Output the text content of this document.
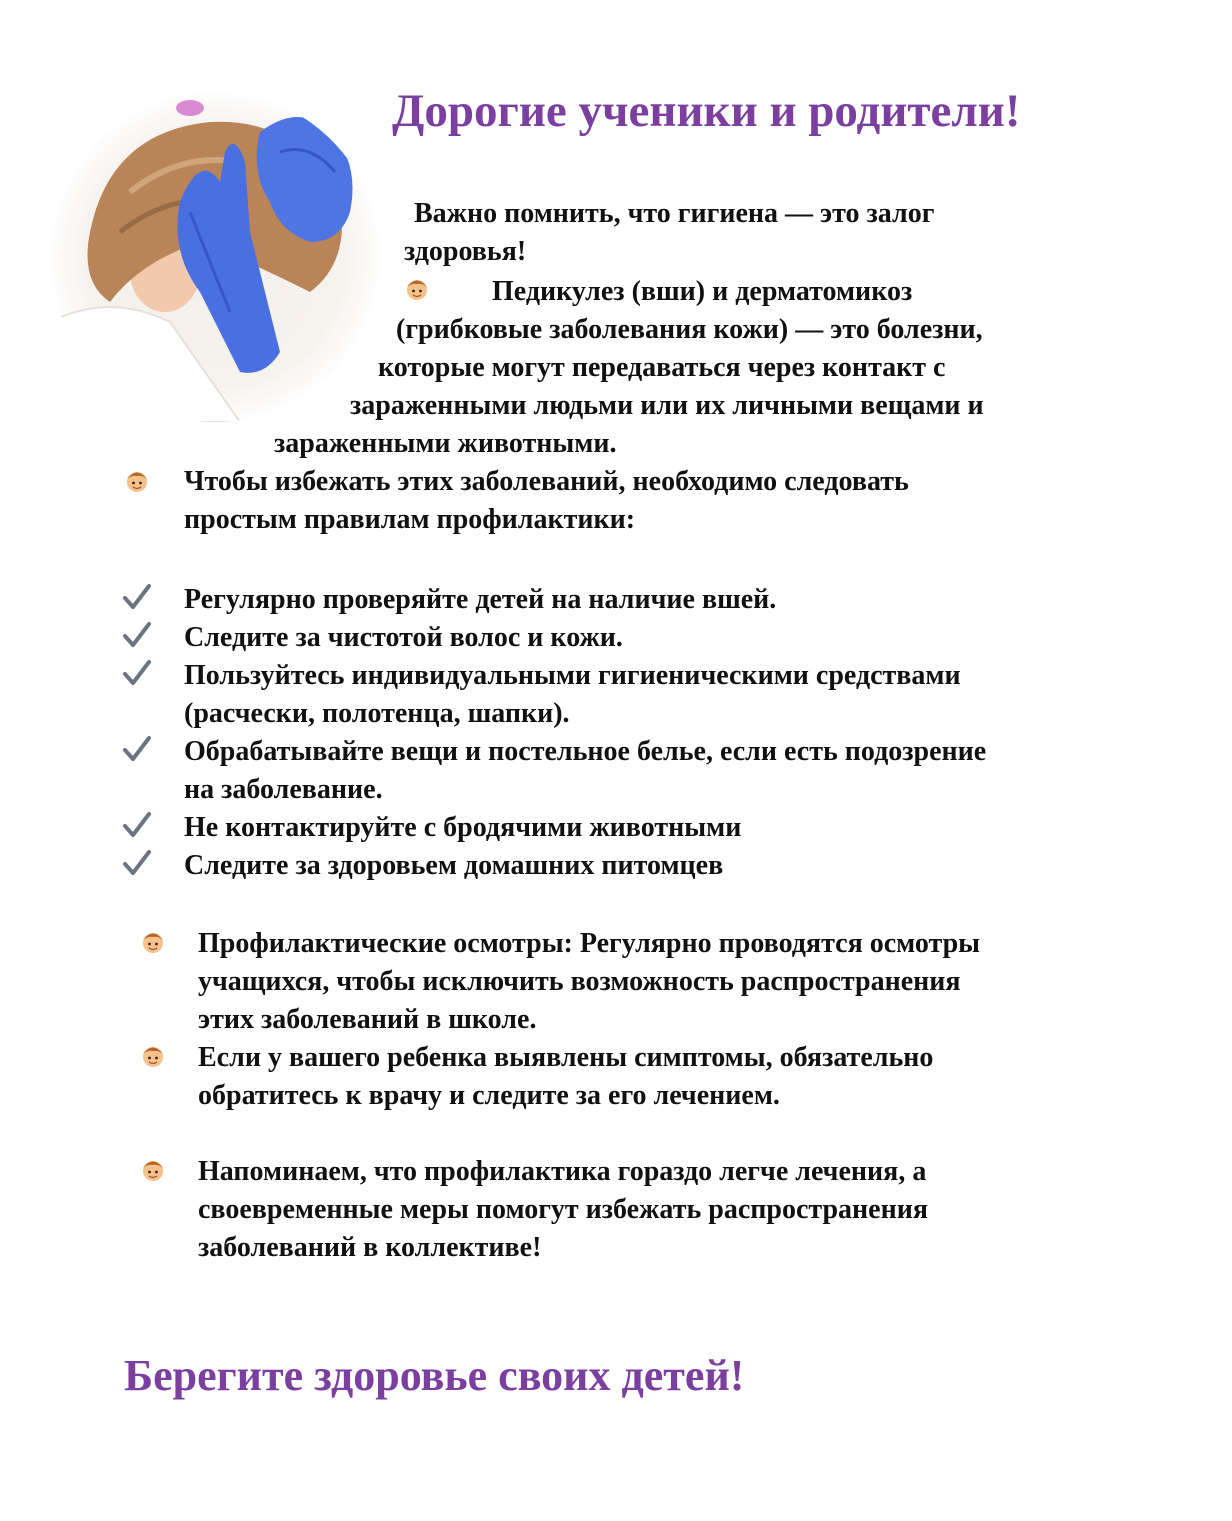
Дорогие ученики и родители!
Важно помнить, что гигиена — это залог
здоровья!
Педикулез (вши) и дерматомикоз
(грибковые заболевания кожи) — это болезни,
которые могут передаваться через контакт с
зараженными людьми или их личными вещами и
зараженными животными.
Чтобы избежать этих заболеваний, необходимо следовать
простым правилам профилактики:
Регулярно проверяйте детей на наличие вшей.
Следите за чистотой волос и кожи.
Пользуйтесь индивидуальными гигиеническими средствами
(расчески, полотенца, шапки).
Обрабатывайте вещи и постельное белье, если есть подозрение
на заболевание.
Не контактируйте с бродячими животными
Следите за здоровьем домашних питомцев
Профилактические осмотры: Регулярно проводятся осмотры
учащихся, чтобы исключить возможность распространения
этих заболеваний в школе.
Если у вашего ребенка выявлены симптомы, обязательно
обратитесь к врачу и следите за его лечением.
Напоминаем, что профилактика гораздо легче лечения, а
своевременные меры помогут избежать распространения
заболеваний в коллективе!
Берегите здоровье своих детей!
